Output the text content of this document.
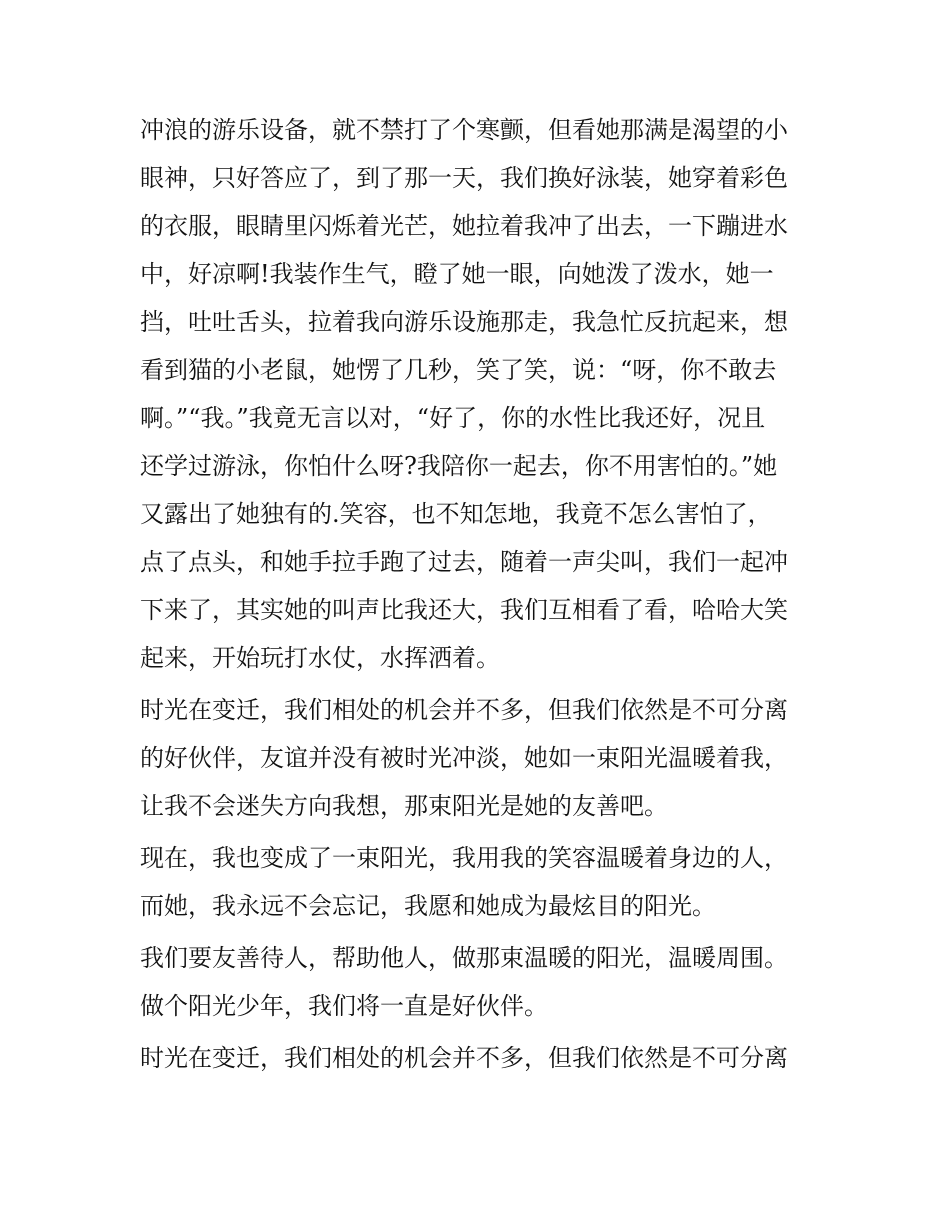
冲浪的游乐设备，就不禁打了个寒颤，但看她那满是渴望的小
眼神，只好答应了，到了那一天，我们换好泳装，她穿着彩色
的衣服，眼睛里闪烁着光芒，她拉着我冲了出去，一下蹦进水
中，好凉啊!我装作生气，瞪了她一眼，向她泼了泼水，她一
挡，吐吐舌头，拉着我向游乐设施那走，我急忙反抗起来，想
看到猫的小老鼠，她愣了几秒，笑了笑，说：“呀，你不敢去
啊。”“我。”我竟无言以对，“好了，你的水性比我还好，况且
还学过游泳，你怕什么呀?我陪你一起去，你不用害怕的。”她
又露出了她独有的.笑容，也不知怎地，我竟不怎么害怕了，
点了点头，和她手拉手跑了过去，随着一声尖叫，我们一起冲
下来了，其实她的叫声比我还大，我们互相看了看，哈哈大笑
起来，开始玩打水仗，水挥洒着。
时光在变迁，我们相处的机会并不多，但我们依然是不可分离
的好伙伴，友谊并没有被时光冲淡，她如一束阳光温暖着我，
让我不会迷失方向我想，那束阳光是她的友善吧。
现在，我也变成了一束阳光，我用我的笑容温暖着身边的人，
而她，我永远不会忘记，我愿和她成为最炫目的阳光。
我们要友善待人，帮助他人，做那束温暖的阳光，温暖周围。
做个阳光少年，我们将一直是好伙伴。
时光在变迁，我们相处的机会并不多，但我们依然是不可分离
